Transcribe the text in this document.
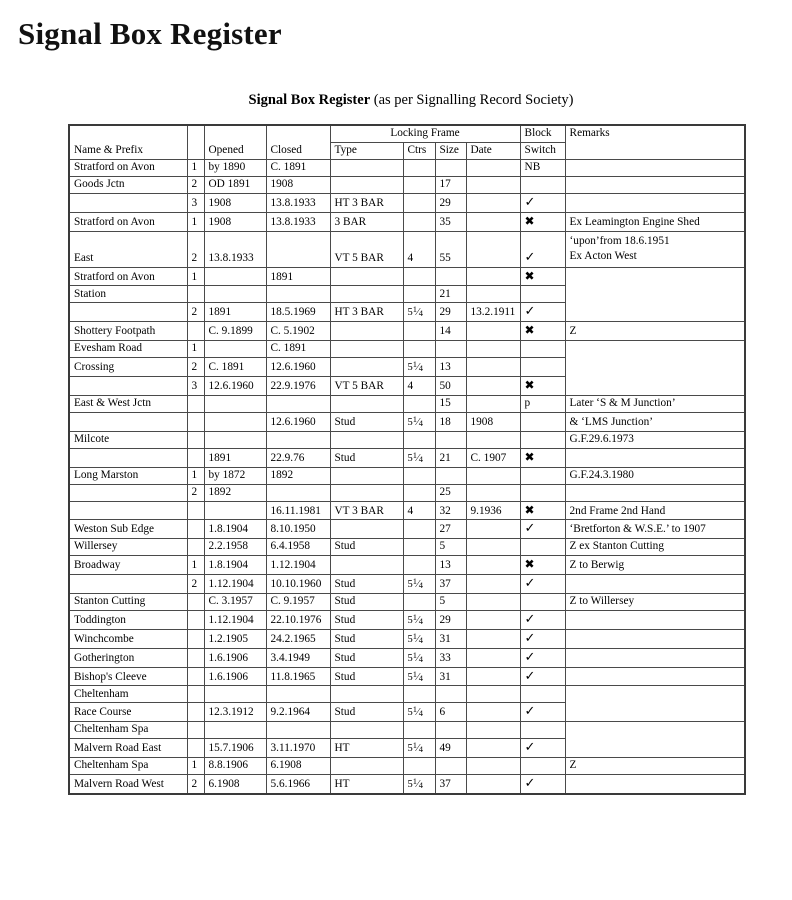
Signal Box Register
Signal Box Register (as per Signalling Record Society)
Name & Prefix		Opened	Closed	Locking Frame				Block	Remarks
				Type	Ctrs	Size	Date	Switch	
Stratford on Avon	1	by 1890	C. 1891					NB	
Goods Jctn	2	OD 1891	1908			17			
	3	1908	13.8.1933	HT 3 BAR		29		✓	
Stratford on Avon	1	1908	13.8.1933	3 BAR		35		✖	Ex Leamington Engine Shed
East	2	13.8.1933		VT 5 BAR	4	55		✓	‘upon’from 18.6.1951
Ex Acton West

Stratford on Avon	1		1891					✖	
Station						21			
	2	1891	18.5.1969	HT 3 BAR	$5^1⁄_4$	29	13.2.1911	✓	
Shottery Footpath		C. 9.1899	C. 5.1902			14		✖	Z
Evesham Road	1		C. 1891						
Crossing	2	C. 1891	12.6.1960		$5^1⁄_4$	13			
	3	12.6.1960	22.9.1976	VT 5 BAR	4	50		✖	
East & West Jctn						15		p	Later ‘S & M Junction’
			12.6.1960	Stud	$5^1⁄_4$	18	1908		& ‘LMS Junction’
Milcote									G.F.29.6.1973
		1891	22.9.76	Stud	$5^1⁄_4$	21	C. 1907	✖	
Long Marston	1	by 1872	1892						G.F.24.3.1980
	2	1892				25			
			16.11.1981	VT 3 BAR	4	32	9.1936	✖	2nd Frame 2nd Hand
Weston Sub Edge		1.8.1904	8.10.1950			27		✓	‘Bretforton & W.S.E.’ to 1907
Willersey		2.2.1958	6.4.1958	Stud		5			Z ex Stanton Cutting
Broadway	1	1.8.1904	1.12.1904			13		✖	Z to Berwig
	2	1.12.1904	10.10.1960	Stud	$5^1⁄_4$	37		✓	
Stanton Cutting		C. 3.1957	C. 9.1957	Stud		5			Z to Willersey
Toddington		1.12.1904	22.10.1976	Stud	$5^1⁄_4$	29		✓	
Winchcombe		1.2.1905	24.2.1965	Stud	$5^1⁄_4$	31		✓	
Gotherington		1.6.1906	3.4.1949	Stud	$5^1⁄_4$	33		✓	
Bishop's Cleeve		1.6.1906	11.8.1965	Stud	$5^1⁄_4$	31		✓	
Cheltenham									
Race Course		12.3.1912	9.2.1964	Stud	$5^1⁄_4$	6		✓	
Cheltenham Spa									
Malvern Road East		15.7.1906	3.11.1970	HT	$5^1⁄_4$	49		✓	
Cheltenham Spa	1	8.8.1906	6.1908						Z
Malvern Road West	2	6.1908	5.6.1966	HT	$5^1⁄_4$	37		✓	
